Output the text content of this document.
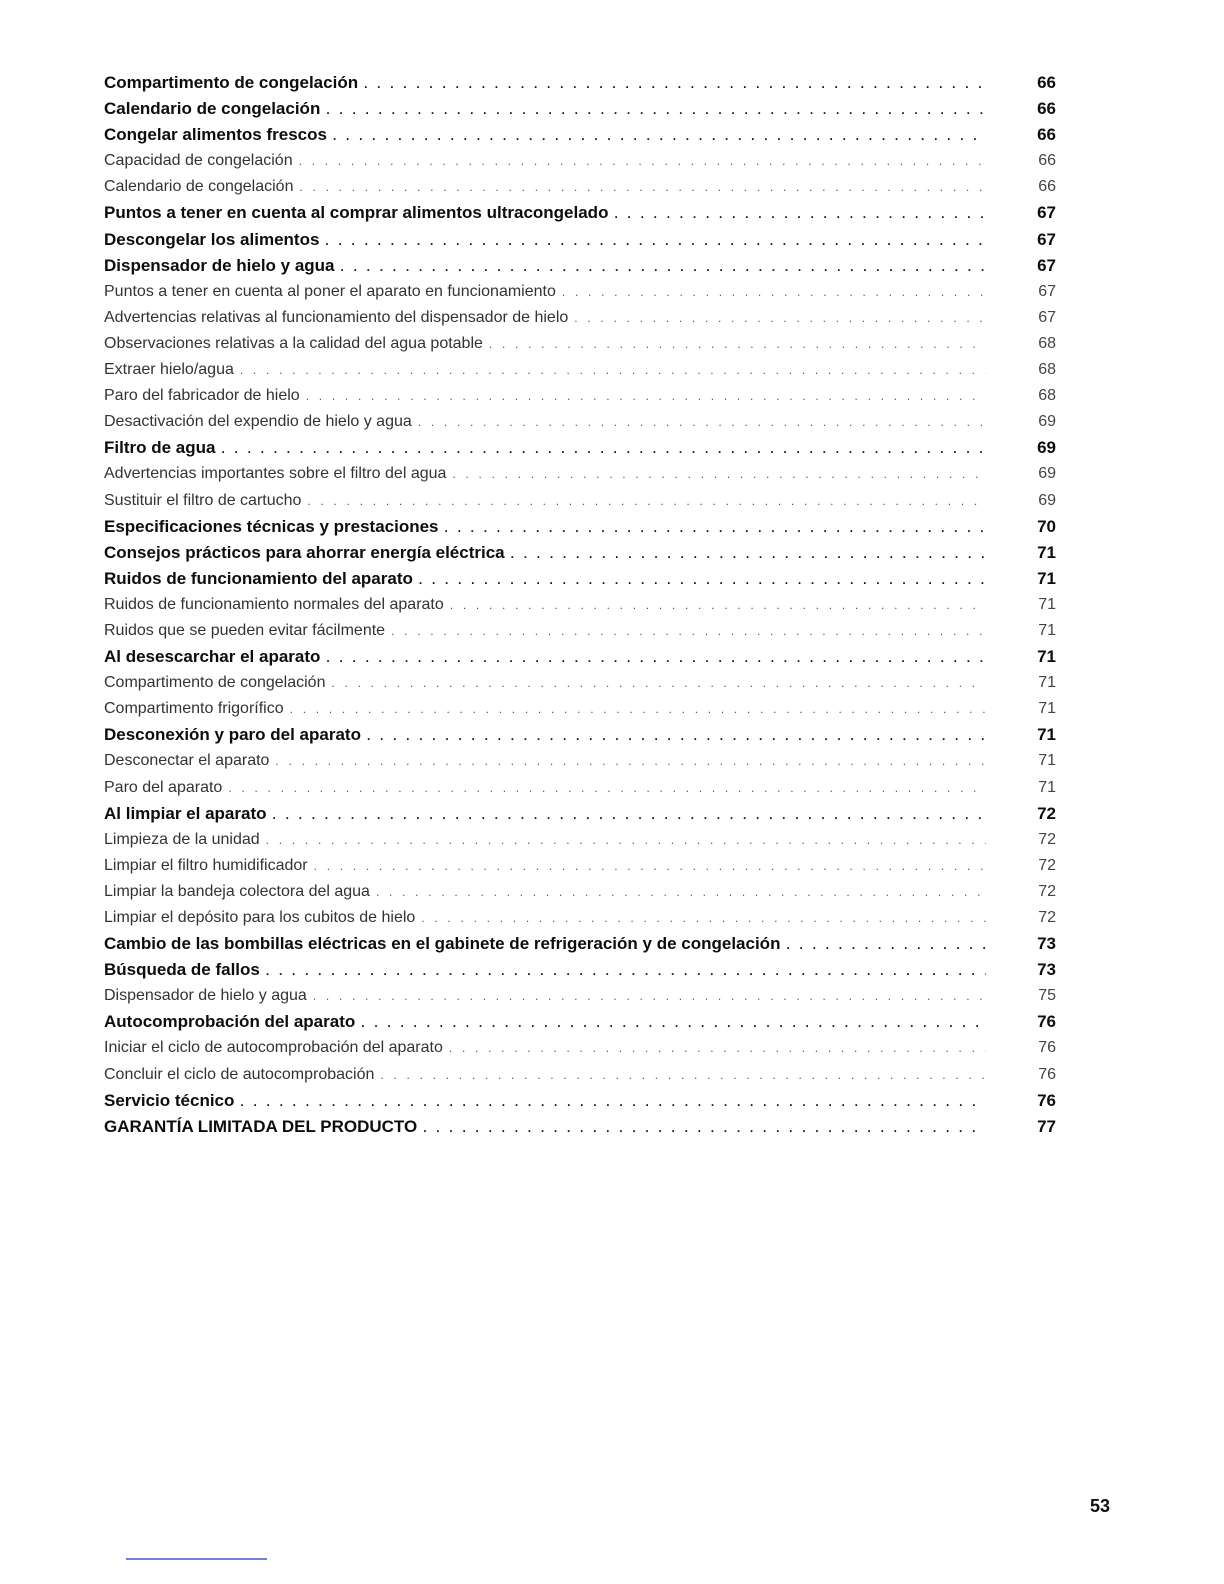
Compartimento de congelación . . .	66
Calendario de congelación . . .	66
Congelar alimentos frescos . . .	66
Capacidad de congelación . . .	66
Calendario de congelación . . .	66
Puntos a tener en cuenta al comprar alimentos ultracongelado . . .	67
Descongelar los alimentos . . .	67
Dispensador de hielo y agua . . .	67
Puntos a tener en cuenta al poner el aparato en funcionamiento . . .	67
Advertencias relativas al funcionamiento del dispensador de hielo . . .	67
Observaciones relativas a la calidad del agua potable . . .	68
Extraer hielo/agua . . .	68
Paro del fabricador de hielo . . .	68
Desactivación del expendio de hielo y agua . . .	69
Filtro de agua . . .	69
Advertencias importantes sobre el filtro del agua . . .	69
Sustituir el filtro de cartucho . . .	69
Especificaciones técnicas y prestaciones . . .	70
Consejos prácticos para ahorrar energía eléctrica . . .	71
Ruidos de funcionamiento del aparato . . .	71
Ruidos de funcionamiento normales del aparato . . .	71
Ruidos que se pueden evitar fácilmente . . .	71
Al desescarchar el aparato . . .	71
Compartimento de congelación . . .	71
Compartimento frigorífico . . .	71
Desconexión y paro del aparato . . .	71
Desconectar el aparato . . .	71
Paro del aparato . . .	71
Al limpiar el aparato . . .	72
Limpieza de la unidad . . .	72
Limpiar el filtro humidificador . . .	72
Limpiar la bandeja colectora del agua . . .	72
Limpiar el depósito para los cubitos de hielo . . .	72
Cambio de las bombillas eléctricas en el gabinete de refrigeración y de congelación . . .	73
Búsqueda de fallos . . .	73
Dispensador de hielo y agua . . .	75
Autocomprobación del aparato . . .	76
Iniciar el ciclo de autocomprobación del aparato . . .	76
Concluir el ciclo de autocomprobación . . .	76
Servicio técnico . . .	76
GARANTÍA LIMITADA DEL PRODUCTO . . .	77
53
